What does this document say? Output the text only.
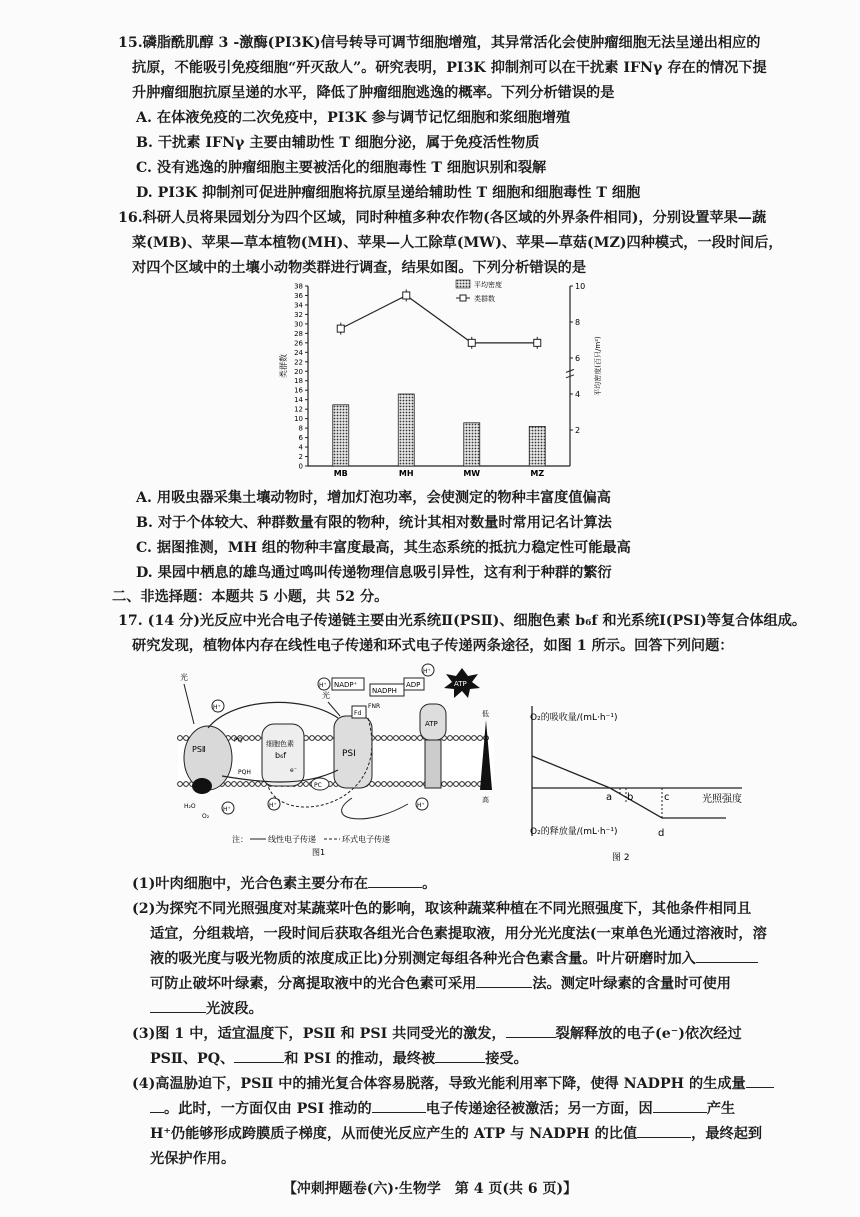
15.磷脂酰肌醇 3 -激酶(PI3K)信号转导可调节细胞增殖，其异常活化会使肿瘤细胞无法呈递出相应的
抗原，不能吸引免疫细胞“歼灭敌人”。研究表明，PI3K 抑制剂可以在干扰素 IFNγ 存在的情况下提
升肿瘤细胞抗原呈递的水平，降低了肿瘤细胞逃逸的概率。下列分析错误的是
A. 在体液免疫的二次免疫中，PI3K 参与调节记忆细胞和浆细胞增殖
B. 干扰素 IFNγ 主要由辅助性 T 细胞分泌，属于免疫活性物质
C. 没有逃逸的肿瘤细胞主要被活化的细胞毒性 T 细胞识别和裂解
D. PI3K 抑制剂可促进肿瘤细胞将抗原呈递给辅助性 T 细胞和细胞毒性 T 细胞
16.科研人员将果园划分为四个区域，同时种植多种农作物(各区域的外界条件相同)，分别设置苹果—蔬
菜(MB)、苹果—草本植物(MH)、苹果—人工除草(MW)、苹果—草菇(MZ)四种模式，一段时间后，
对四个区域中的土壤小动物类群进行调查，结果如图。下列分析错误的是
0
2
4
6
8
10
12
14
16
18
20
22
24
26
28
30
32
34
36
38
2
4
6
8
10
类群数	平均密度(百只/m²)
MB	MH	MW	MZ
平均密度
类群数
A. 用吸虫器采集土壤动物时，增加灯泡功率，会使测定的物种丰富度值偏高
B. 对于个体较大、种群数量有限的物种，统计其相对数量时常用记名计算法
C. 据图推测，MH 组的物种丰富度最高，其生态系统的抵抗力稳定性可能最高
D. 果园中栖息的雄鸟通过鸣叫传递物理信息吸引异性，这有利于种群的繁衍
二、非选择题：本题共 5 小题，共 52 分。
17. (14 分)光反应中光合电子传递链主要由光系统Ⅱ(PSⅡ)、细胞色素 b₆f 和光系统Ⅰ(PSⅠ)等复合体组成。
研究发现，植物体内存在线性电子传递和环式电子传递两条途径，如图 1 所示。回答下列问题：
PSⅡ
细胞色素
b₆f	PSⅠ
ATP
光
光
PQ
PQH
PC
Fd
FNR
NADP⁺
NADPH
ADP	ATP
H⁺
H⁺
H⁺
H⁺
H⁺
H⁺
H₂O
O₂
e⁻
低
高
注：	线性电子传递	环式电子传递
图1
O₂的吸收量/(mL·h⁻¹)
O₂的释放量/(mL·h⁻¹)
光照强度
a b	c
d
图 2
(1)叶肉细胞中，光合色素主要分布在	。
(2)为探究不同光照强度对某蔬菜叶色的影响，取该种蔬菜种植在不同光照强度下，其他条件相同且
适宜，分组栽培，一段时间后获取各组光合色素提取液，用分光光度法(一束单色光通过溶液时，溶
液的吸光度与吸光物质的浓度成正比)分别测定每组各种光合色素含量。叶片研磨时加入
可防止破坏叶绿素，分离提取液中的光合色素可采用	法。测定叶绿素的含量时可使用
光波段。
(3)图 1 中，适宜温度下，PSⅡ 和 PSⅠ 共同受光的激发，	裂解释放的电子(e⁻)依次经过
PSⅡ、PQ、	和 PSⅠ 的推动，最终被	接受。
(4)高温胁迫下，PSⅡ 中的捕光复合体容易脱落，导致光能利用率下降，使得 NADPH 的生成量
。此时，一方面仅由 PSⅠ 推动的	电子传递途径被激活；另一方面，因	产生
H⁺仍能够形成跨膜质子梯度，从而使光反应产生的 ATP 与 NADPH 的比值	，最终起到
光保护作用。
【冲刺押题卷(六)·生物学　第 4 页(共 6 页)】
